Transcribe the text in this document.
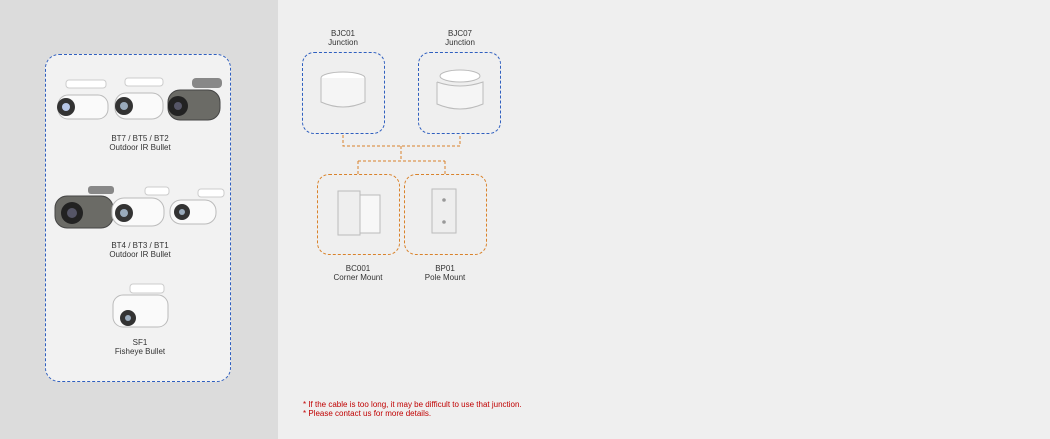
BT7 / BT5 / BT2
Outdoor IR Bullet
BT4 / BT3 / BT1
Outdoor IR Bullet
SF1
Fisheye Bullet
BJC01
Junction
BJC07
Junction
BC001
Corner Mount
BP01
Pole Mount
* If the cable is too long, it may be difficult to use that junction.
* Please contact us for more details.
